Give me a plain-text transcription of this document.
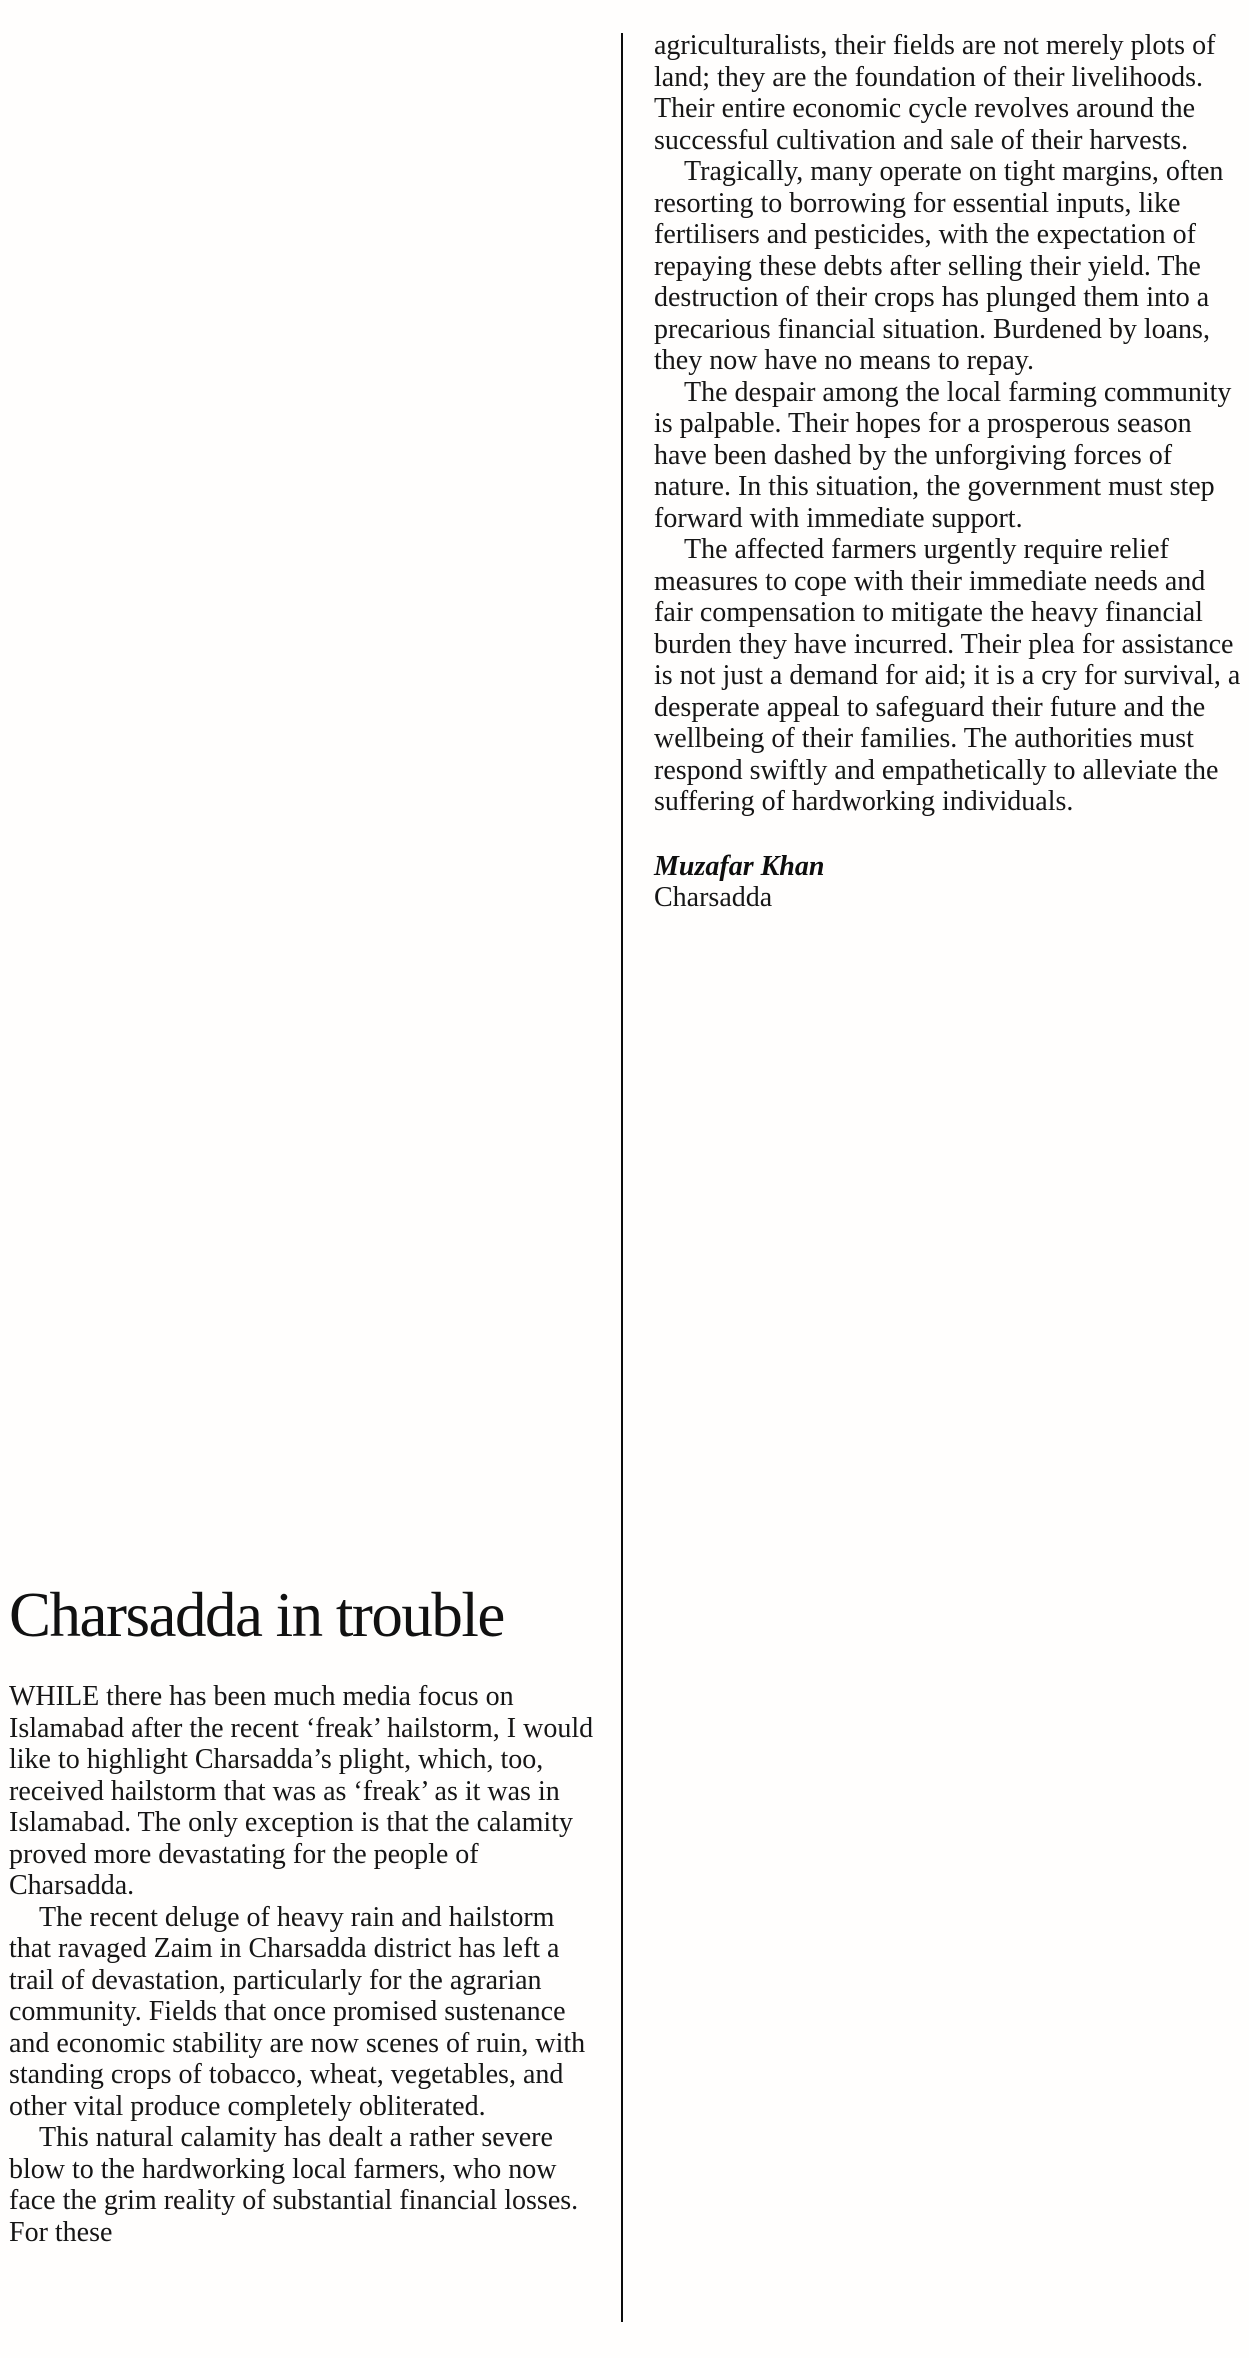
agriculturalists, their fields are not merely plots of land; they are the foundation of their livelihoods. Their entire economic cycle revolves around the successful cultivation and sale of their harvests.

Tragically, many operate on tight margins, often resorting to borrowing for essential inputs, like fertilisers and pesticides, with the expectation of repaying these debts after selling their yield. The destruction of their crops has plunged them into a precarious financial situation. Burdened by loans, they now have no means to repay.

The despair among the local farming community is palpable. Their hopes for a prosperous season have been dashed by the unforgiving forces of nature. In this situation, the government must step forward with immediate support.

The affected farmers urgently require relief measures to cope with their immediate needs and fair compensation to mitigate the heavy financial burden they have incurred. Their plea for assistance is not just a demand for aid; it is a cry for survival, a desperate appeal to safeguard their future and the wellbeing of their families. The authorities must respond swiftly and empathetically to alleviate the suffering of hardworking individuals.

Muzafar Khan
Charsadda
Charsadda in trouble

WHILE there has been much media focus on Islamabad after the recent ‘freak’ hailstorm, I would like to highlight Charsadda’s plight, which, too, received hailstorm that was as ‘freak’ as it was in Islamabad. The only exception is that the calamity proved more devastating for the people of Charsadda.

The recent deluge of heavy rain and hailstorm that ravaged Zaim in Charsadda district has left a trail of devastation, particularly for the agrarian community. Fields that once promised sustenance and economic stability are now scenes of ruin, with standing crops of tobacco, wheat, vegetables, and other vital produce completely obliterated.

This natural calamity has dealt a rather severe blow to the hardworking local farmers, who now face the grim reality of substantial financial losses. For these
